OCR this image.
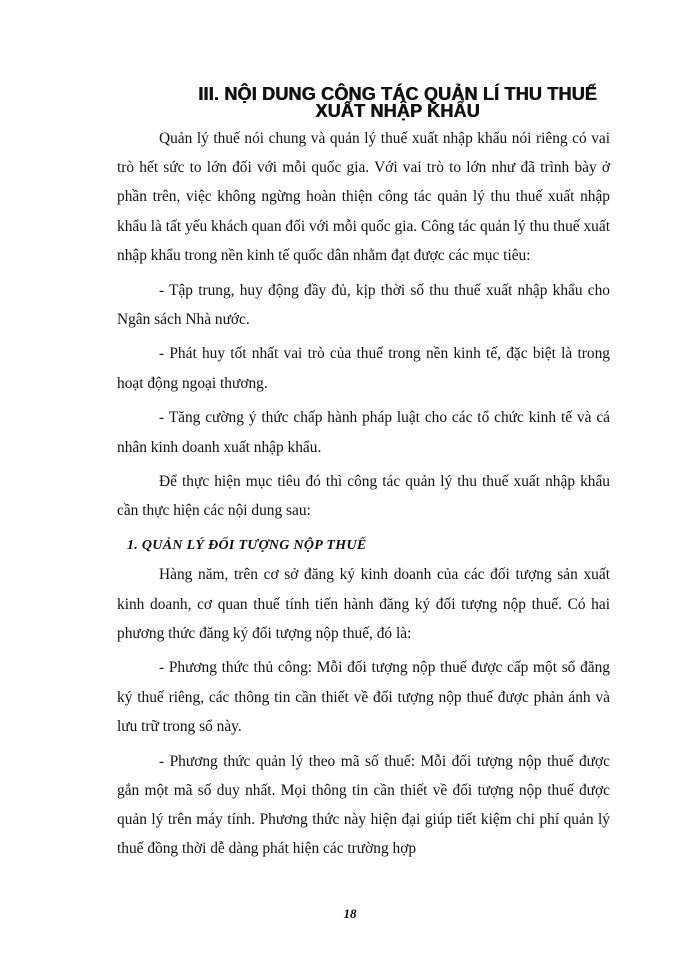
III. NỘI DUNG CÔNG TÁC QUẢN LÍ THU THUẾ
XUẤT NHẬP KHẨU

Quản lý thuế nói chung và quản lý thuế xuất nhập khẩu nói riêng có vai trò hết sức to lớn đối với mỗi quốc gia. Với vai trò to lớn như đã trình bày ở phần trên, việc không ngừng hoàn thiện công tác quản lý thu thuế xuất nhập khẩu là tất yếu khách quan đối với mỗi quốc gia. Công tác quản lý thu thuế xuất nhập khẩu trong nền kinh tế quốc dân nhằm đạt được các mục tiêu:

- Tập trung, huy động đầy đủ, kịp thời số thu thuế xuất nhập khẩu cho Ngân sách Nhà nước.

- Phát huy tốt nhất vai trò của thuế trong nền kinh tế, đặc biệt là trong hoạt động ngoại thương.

- Tăng cường ý thức chấp hành pháp luật cho các tổ chức kinh tế và cá nhân kinh doanh xuất nhập khẩu.

Để thực hiện mục tiêu đó thì công tác quản lý thu thuế xuất nhập khẩu cần thực hiện các nội dung sau:

1. QUẢN LÝ ĐỐI TƯỢNG NỘP THUẾ

Hàng năm, trên cơ sở đăng ký kinh doanh của các đối tượng sản xuất kinh doanh, cơ quan thuế tính tiến hành đăng ký đối tượng nộp thuế. Có hai phương thức đăng ký đối tượng nộp thuế, đó là:

- Phương thức thủ công: Mỗi đối tượng nộp thuế được cấp một sổ đăng ký thuế riêng, các thông tin cần thiết về đối tượng nộp thuế được phản ánh và lưu trữ trong sổ này.

- Phương thức quản lý theo mã số thuế: Mỗi đối tượng nộp thuế được gắn một mã số duy nhất. Mọi thông tin cần thiết về đối tượng nộp thuế được quản lý trên máy tính. Phương thức này hiện đại giúp tiết kiệm chi phí quản lý thuế đồng thời dễ dàng phát hiện các trường hợp

18
